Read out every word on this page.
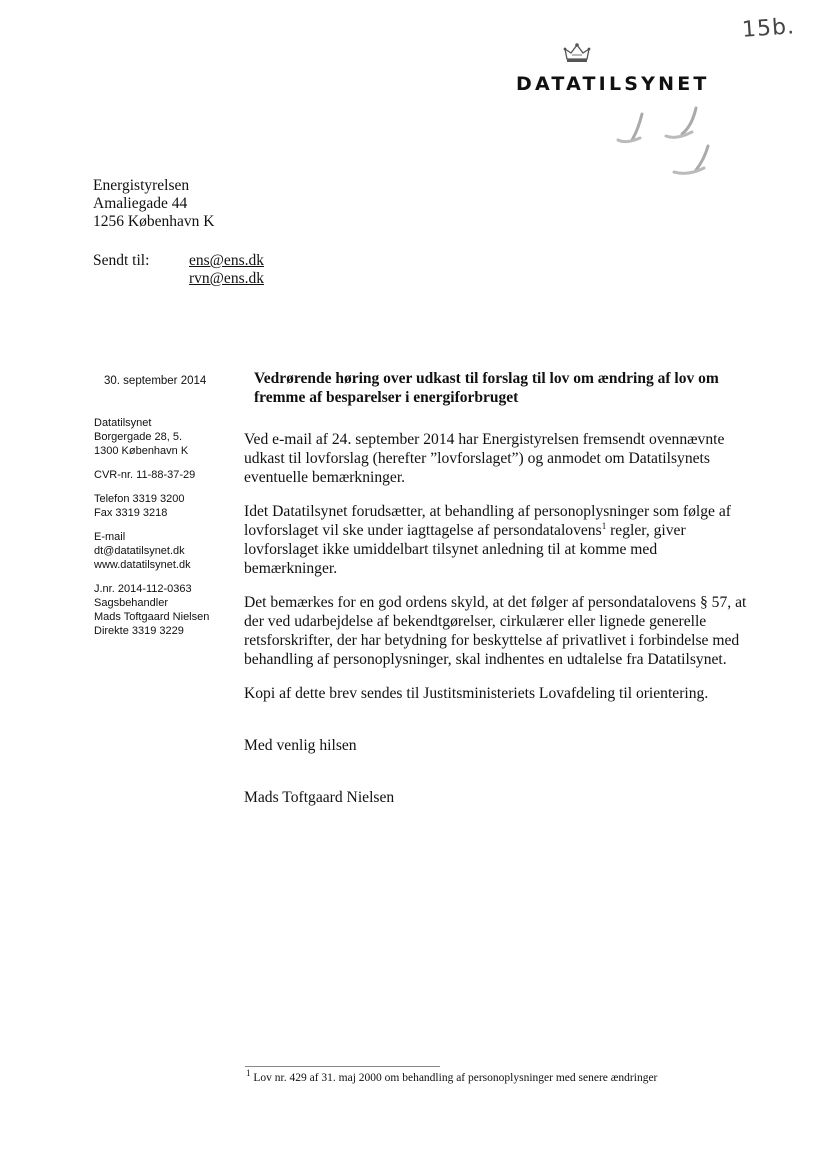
15b.
DATATILSYNET
Energistyrelsen
Amaliegade 44
1256 København K
Sendt til:	ens@ens.dk
rvn@ens.dk
30. september 2014
Datatilsynet
Borgergade 28, 5.
1300 København K
CVR-nr. 11-88-37-29
Telefon 3319 3200
Fax 3319 3218
E-mail
dt@datatilsynet.dk
www.datatilsynet.dk
J.nr. 2014-112-0363
Sagsbehandler
Mads Toftgaard Nielsen
Direkte 3319 3229
Vedrørende høring over udkast til forslag til lov om ændring af lov om fremme af besparelser i energiforbruget

Ved e-mail af 24. september 2014 har Energistyrelsen fremsendt ovennævnte udkast til lovforslag (herefter ”lovforslaget”) og anmodet om Datatilsynets eventuelle bemærkninger.

Idet Datatilsynet forudsætter, at behandling af personoplysninger som følge af lovforslaget vil ske under iagttagelse af persondatalovens$^1$ regler, giver lovforslaget ikke umiddelbart tilsynet anledning til at komme med bemærkninger.

Det bemærkes for en god ordens skyld, at det følger af persondatalovens § 57, at der ved udarbejdelse af bekendtgørelser, cirkulærer eller lignede generelle retsforskrifter, der har betydning for beskyttelse af privatlivet i forbindelse med behandling af personoplysninger, skal indhentes en udtalelse fra Datatilsynet.

Kopi af dette brev sendes til Justitsministeriets Lovafdeling til orientering.

Med venlig hilsen

Mads Toftgaard Nielsen

$^1$ Lov nr. 429 af 31. maj 2000 om behandling af personoplysninger med senere ændringer
